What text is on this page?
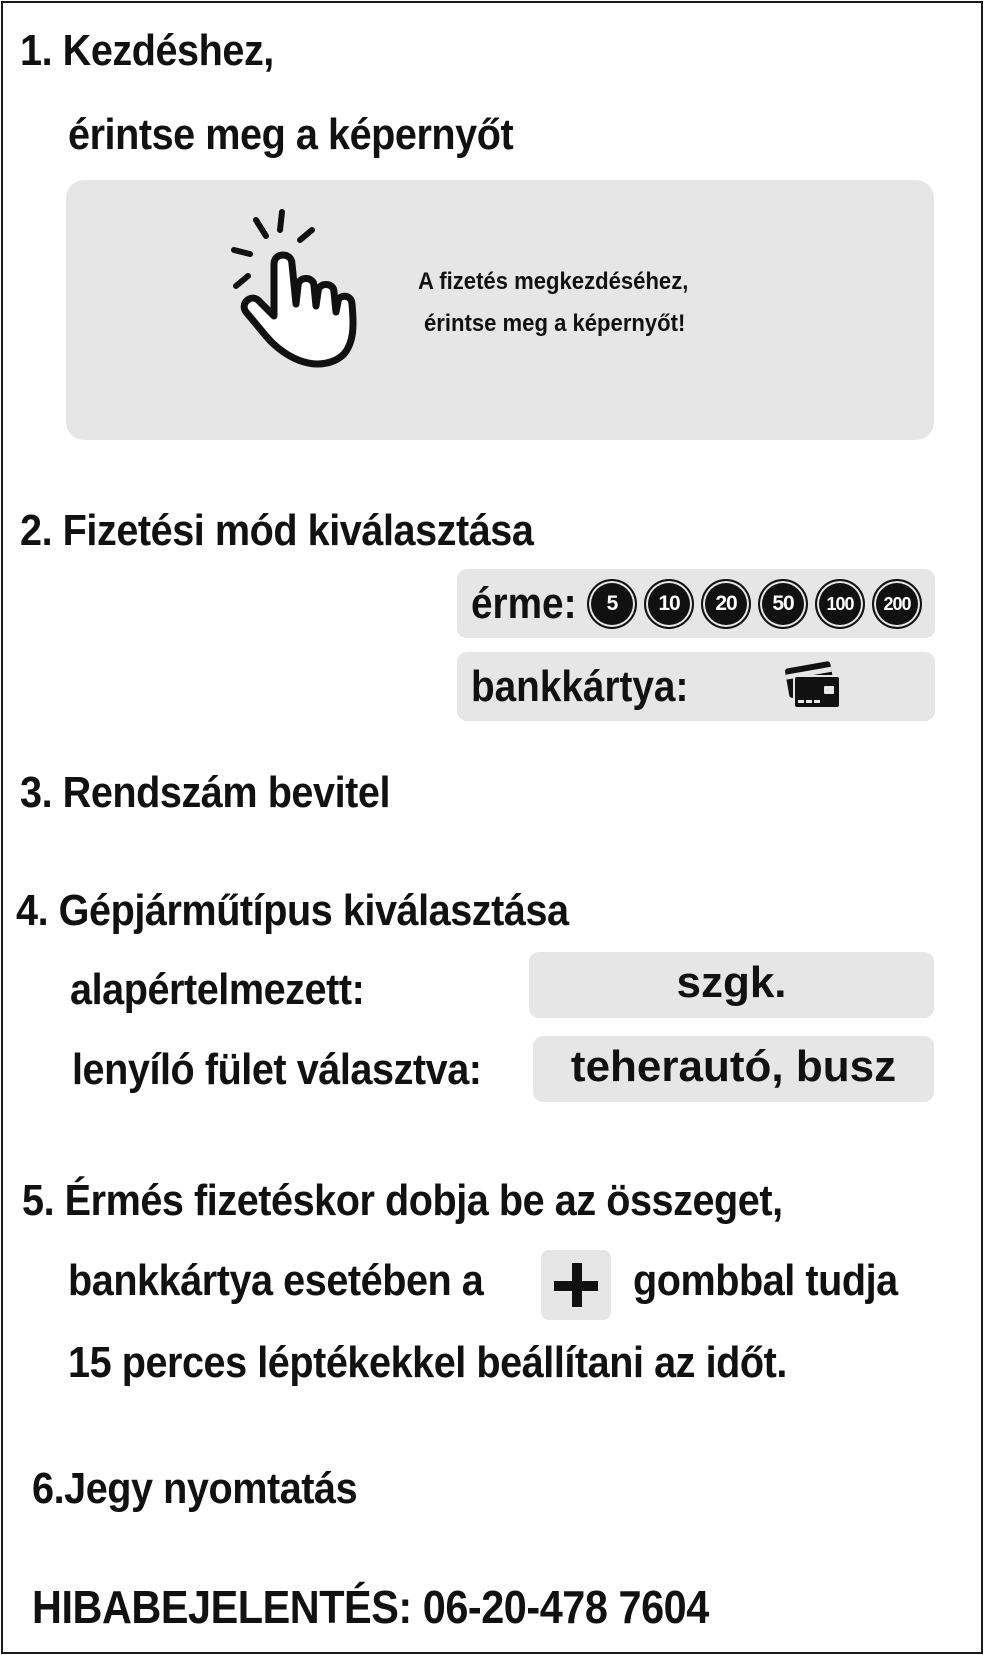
1. Kezdéshez,
érintse meg a képernyőt
A fizetés megkezdéséhez,
érintse meg a képernyőt!
2. Fizetési mód kiválasztása
érme: 5 10 20 50 100 200
bankkártya:
3. Rendszám bevitel
4. Gépjárműtípus kiválasztása
alapértelmezett:	szgk.
lenyíló fület választva:	teherautó, busz
5. Érmés fizetéskor dobja be az összeget,
bankkártya esetében a	gombbal tudja
15 perces léptékekkel beállítani az időt.
6.Jegy nyomtatás
HIBABEJELENTÉS: 06-20-478 7604
